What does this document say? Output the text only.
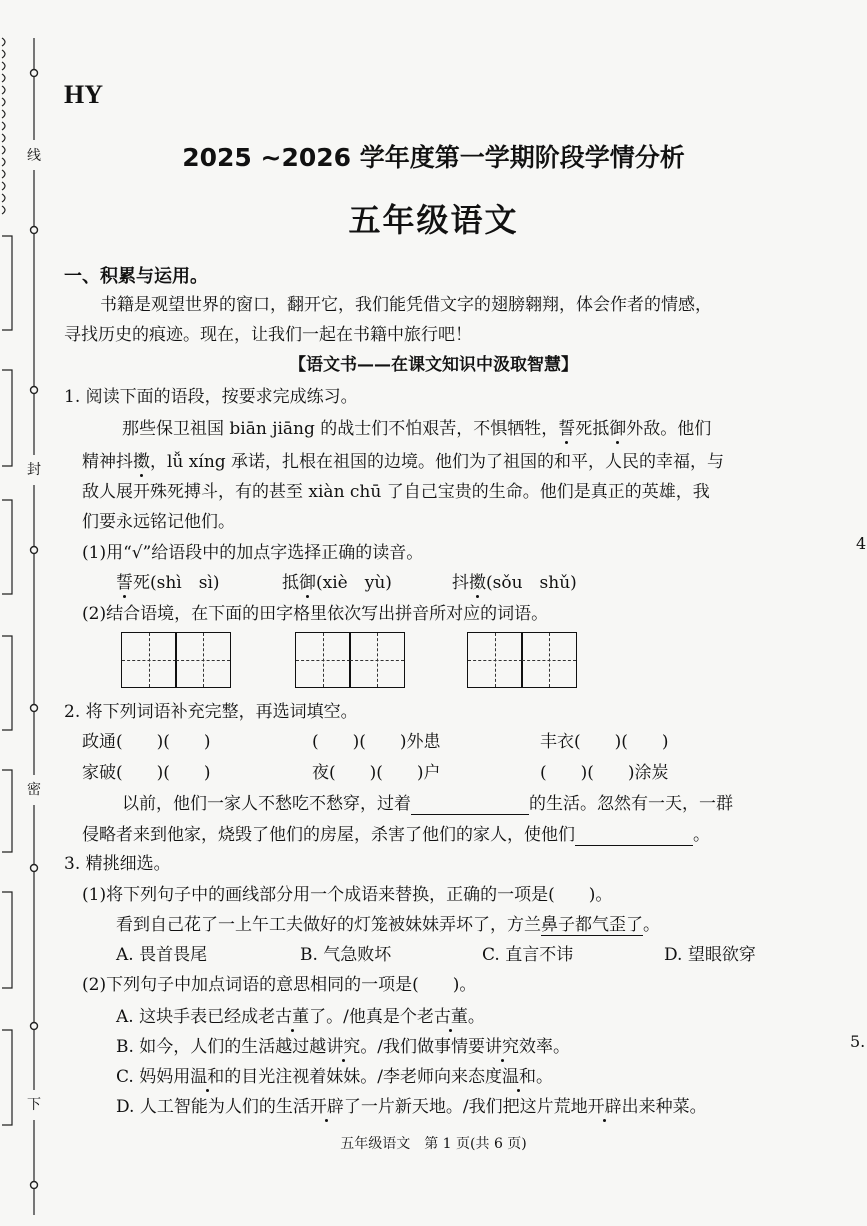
线
封
密
下
4
5.
HY
2025 ~2026 学年度第一学期阶段学情分析
五年级语文
一、积累与运用。
书籍是观望世界的窗口，翻开它，我们能凭借文字的翅膀翱翔，体会作者的情感，
寻找历史的痕迹。现在，让我们一起在书籍中旅行吧！
【语文书——在课文知识中汲取智慧】
1. 阅读下面的语段，按要求完成练习。
那些保卫祖国 biān jiāng 的战士们不怕艰苦，不惧牺牲，誓死抵御外敌。他们
精神抖擞，lǚ xíng 承诺，扎根在祖国的边境。他们为了祖国的和平，人民的幸福，与
敌人展开殊死搏斗，有的甚至 xiàn chū 了自己宝贵的生命。他们是真正的英雄，我
们要永远铭记他们。
(1)用“√”给语段中的加点字选择正确的读音。
誓死(shì　sì)	抵御(xiè　yù)	抖擞(sǒu　shǔ)
(2)结合语境，在下面的田字格里依次写出拼音所对应的词语。
2. 将下列词语补充完整，再选词填空。
政通(　　)(　　)	(　　)(　　)外患	丰衣(　　)(　　)
家破(　　)(　　)	夜(　　)(　　)户	(　　)(　　)涂炭
以前，他们一家人不愁吃不愁穿，过着	的生活。忽然有一天，一群
侵略者来到他家，烧毁了他们的房屋，杀害了他们的家人，使他们	。
3. 精挑细选。
(1)将下列句子中的画线部分用一个成语来替换，正确的一项是(　　)。
看到自己花了一上午工夫做好的灯笼被妹妹弄坏了，方兰鼻子都气歪了。
A. 畏首畏尾	B. 气急败坏	C. 直言不讳	D. 望眼欲穿
(2)下列句子中加点词语的意思相同的一项是(　　)。
A. 这块手表已经成老古董了。/他真是个老古董。
B. 如今，人们的生活越过越讲究。/我们做事情要讲究效率。
C. 妈妈用温和的目光注视着妹妹。/李老师向来态度温和。
D. 人工智能为人们的生活开辟了一片新天地。/我们把这片荒地开辟出来种菜。
五年级语文　第 1 页(共 6 页)
